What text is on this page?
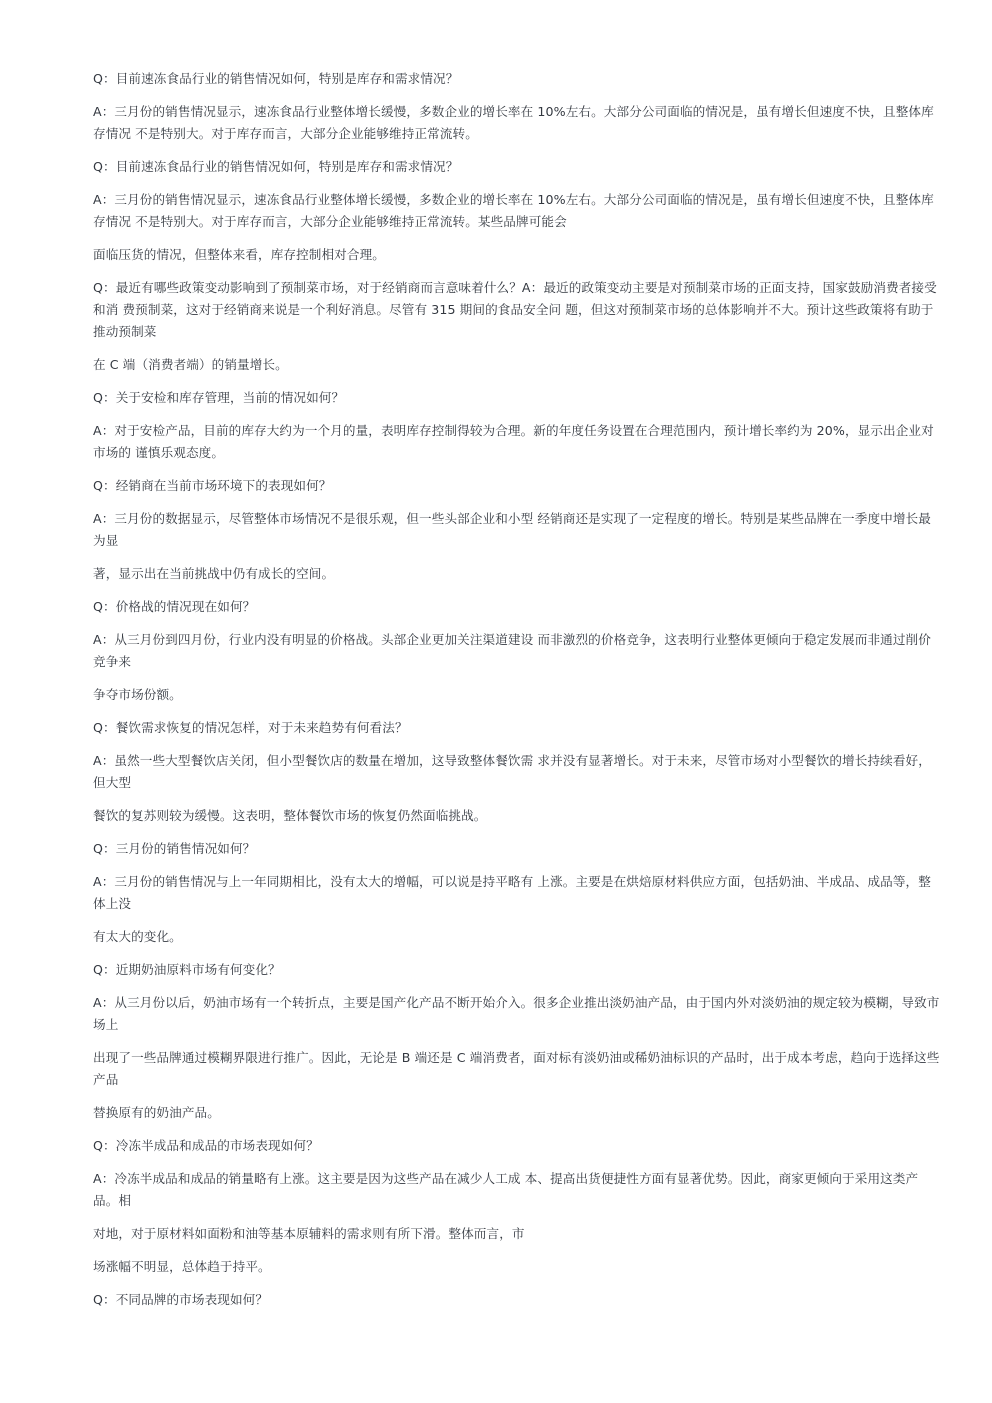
Q：目前速冻食品行业的销售情况如何，特别是库存和需求情况？

A：三月份的销售情况显示，速冻食品行业整体增长缓慢，多数企业的增长率在 10%左右。大部分公司面临的情况是，虽有增长但速度不快，且整体库存情况 不是特别大。对于库存而言，大部分企业能够维持正常流转。

Q：目前速冻食品行业的销售情况如何，特别是库存和需求情况？

A：三月份的销售情况显示，速冻食品行业整体增长缓慢，多数企业的增长率在 10%左右。大部分公司面临的情况是，虽有增长但速度不快，且整体库存情况 不是特别大。对于库存而言，大部分企业能够维持正常流转。某些品牌可能会

面临压货的情况，但整体来看，库存控制相对合理。

Q：最近有哪些政策变动影响到了预制菜市场，对于经销商而言意味着什么？A：最近的政策变动主要是对预制菜市场的正面支持，国家鼓励消费者接受和消 费预制菜，这对于经销商来说是一个利好消息。尽管有 315 期间的食品安全问 题，但这对预制菜市场的总体影响并不大。预计这些政策将有助于推动预制菜

在 C 端（消费者端）的销量增长。

Q：关于安检和库存管理，当前的情况如何？

A：对于安检产品，目前的库存大约为一个月的量，表明库存控制得较为合理。新的年度任务设置在合理范围内，预计增长率约为 20%，显示出企业对市场的 谨慎乐观态度。

Q：经销商在当前市场环境下的表现如何？

A：三月份的数据显示，尽管整体市场情况不是很乐观，但一些头部企业和小型 经销商还是实现了一定程度的增长。特别是某些品牌在一季度中增长最为显

著，显示出在当前挑战中仍有成长的空间。

Q：价格战的情况现在如何？

A：从三月份到四月份，行业内没有明显的价格战。头部企业更加关注渠道建设 而非激烈的价格竞争，这表明行业整体更倾向于稳定发展而非通过削价竞争来

争夺市场份额。

Q：餐饮需求恢复的情况怎样，对于未来趋势有何看法？

A：虽然一些大型餐饮店关闭，但小型餐饮店的数量在增加，这导致整体餐饮需 求并没有显著增长。对于未来，尽管市场对小型餐饮的增长持续看好，但大型

餐饮的复苏则较为缓慢。这表明，整体餐饮市场的恢复仍然面临挑战。

Q：三月份的销售情况如何？

A：三月份的销售情况与上一年同期相比，没有太大的增幅，可以说是持平略有 上涨。主要是在烘焙原材料供应方面，包括奶油、半成品、成品等，整体上没

有太大的变化。

Q：近期奶油原料市场有何变化？

A：从三月份以后，奶油市场有一个转折点，主要是国产化产品不断开始介入。很多企业推出淡奶油产品，由于国内外对淡奶油的规定较为模糊，导致市场上

出现了一些品牌通过模糊界限进行推广。因此，无论是 B 端还是 C 端消费者，面对标有淡奶油或稀奶油标识的产品时，出于成本考虑，趋向于选择这些产品

替换原有的奶油产品。

Q：冷冻半成品和成品的市场表现如何？

A：冷冻半成品和成品的销量略有上涨。这主要是因为这些产品在减少人工成 本、提高出货便捷性方面有显著优势。因此，商家更倾向于采用这类产品。相

对地，对于原材料如面粉和油等基本原辅料的需求则有所下滑。整体而言，市

场涨幅不明显，总体趋于持平。

Q：不同品牌的市场表现如何？
